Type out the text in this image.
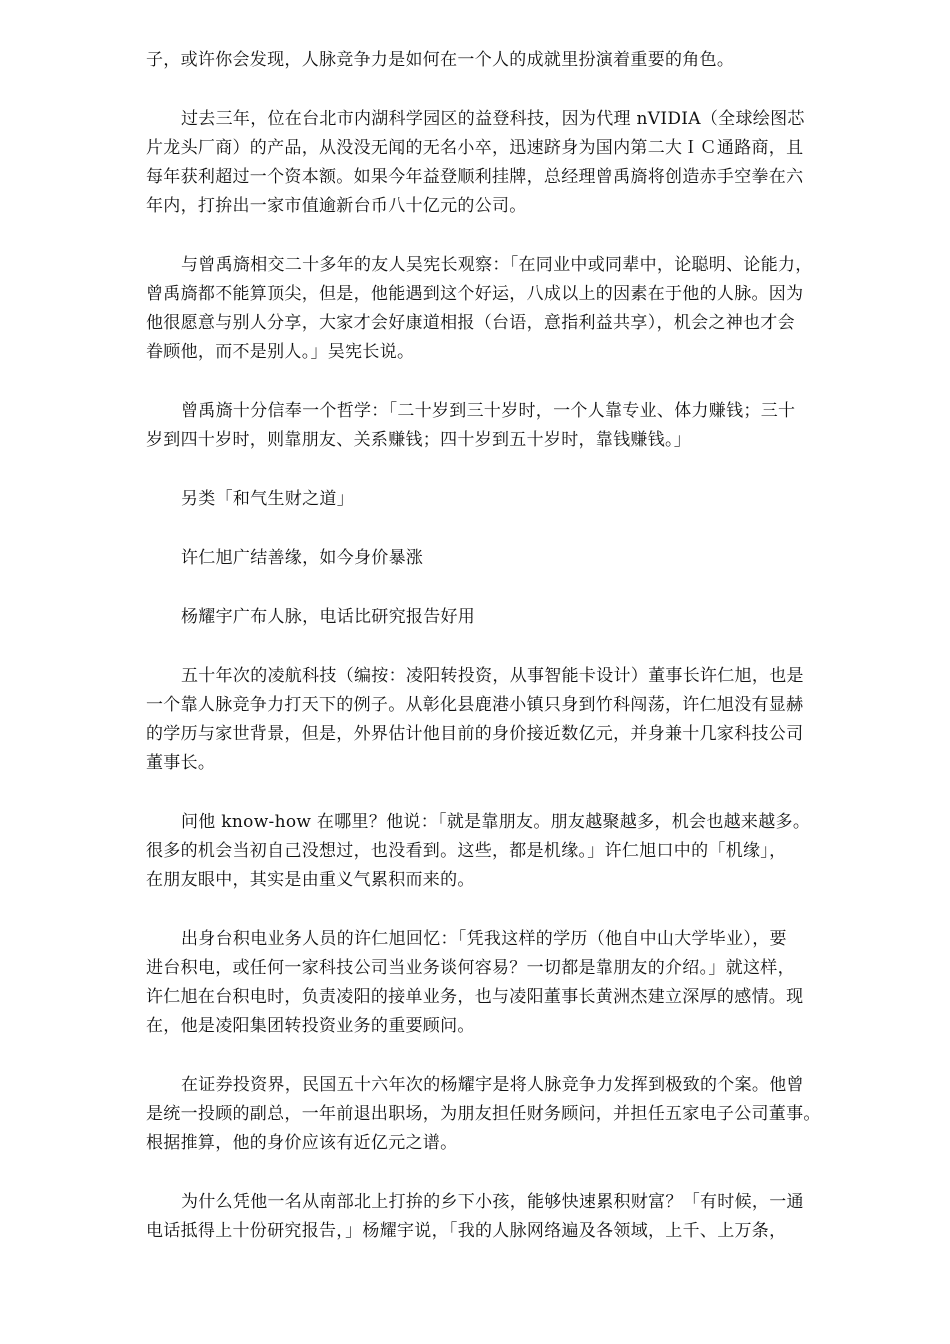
子，或许你会发现，人脉竞争力是如何在一个人的成就里扮演着重要的角色。

过去三年，位在台北市内湖科学园区的益登科技，因为代理 nVIDIA（全球绘图芯
片龙头厂商）的产品，从没没无闻的无名小卒，迅速跻身为国内第二大ＩＣ通路商，且
每年获利超过一个资本额。如果今年益登顺利挂牌，总经理曾禹旖将创造赤手空拳在六
年内，打拚出一家市值逾新台币八十亿元的公司。

与曾禹旖相交二十多年的友人吴宪长观察：「在同业中或同辈中，论聪明、论能力，
曾禹旖都不能算顶尖，但是，他能遇到这个好运，八成以上的因素在于他的人脉。因为
他很愿意与别人分享，大家才会好康道相报（台语，意指利益共享），机会之神也才会
眷顾他，而不是别人。」吴宪长说。

曾禹旖十分信奉一个哲学：「二十岁到三十岁时，一个人靠专业、体力赚钱；三十
岁到四十岁时，则靠朋友、关系赚钱；四十岁到五十岁时，靠钱赚钱。」

另类「和气生财之道」

许仁旭广结善缘，如今身价暴涨

杨耀宇广布人脉，电话比研究报告好用

五十年次的凌航科技（编按：凌阳转投资，从事智能卡设计）董事长许仁旭，也是
一个靠人脉竞争力打天下的例子。从彰化县鹿港小镇只身到竹科闯荡，许仁旭没有显赫
的学历与家世背景，但是，外界估计他目前的身价接近数亿元，并身兼十几家科技公司
董事长。

问他 know-how 在哪里？他说：「就是靠朋友。朋友越聚越多，机会也越来越多。
很多的机会当初自己没想过，也没看到。这些，都是机缘。」许仁旭口中的「机缘」，
在朋友眼中，其实是由重义气累积而来的。

出身台积电业务人员的许仁旭回忆：「凭我这样的学历（他自中山大学毕业），要
进台积电，或任何一家科技公司当业务谈何容易？一切都是靠朋友的介绍。」就这样，
许仁旭在台积电时，负责凌阳的接单业务，也与凌阳董事长黄洲杰建立深厚的感情。现
在，他是凌阳集团转投资业务的重要顾问。

在证券投资界，民国五十六年次的杨耀宇是将人脉竞争力发挥到极致的个案。他曾
是统一投顾的副总，一年前退出职场，为朋友担任财务顾问，并担任五家电子公司董事。
根据推算，他的身价应该有近亿元之谱。

为什么凭他一名从南部北上打拚的乡下小孩，能够快速累积财富？「有时候，一通
电话抵得上十份研究报告，」杨耀宇说，「我的人脉网络遍及各领域，上千、上万条，
